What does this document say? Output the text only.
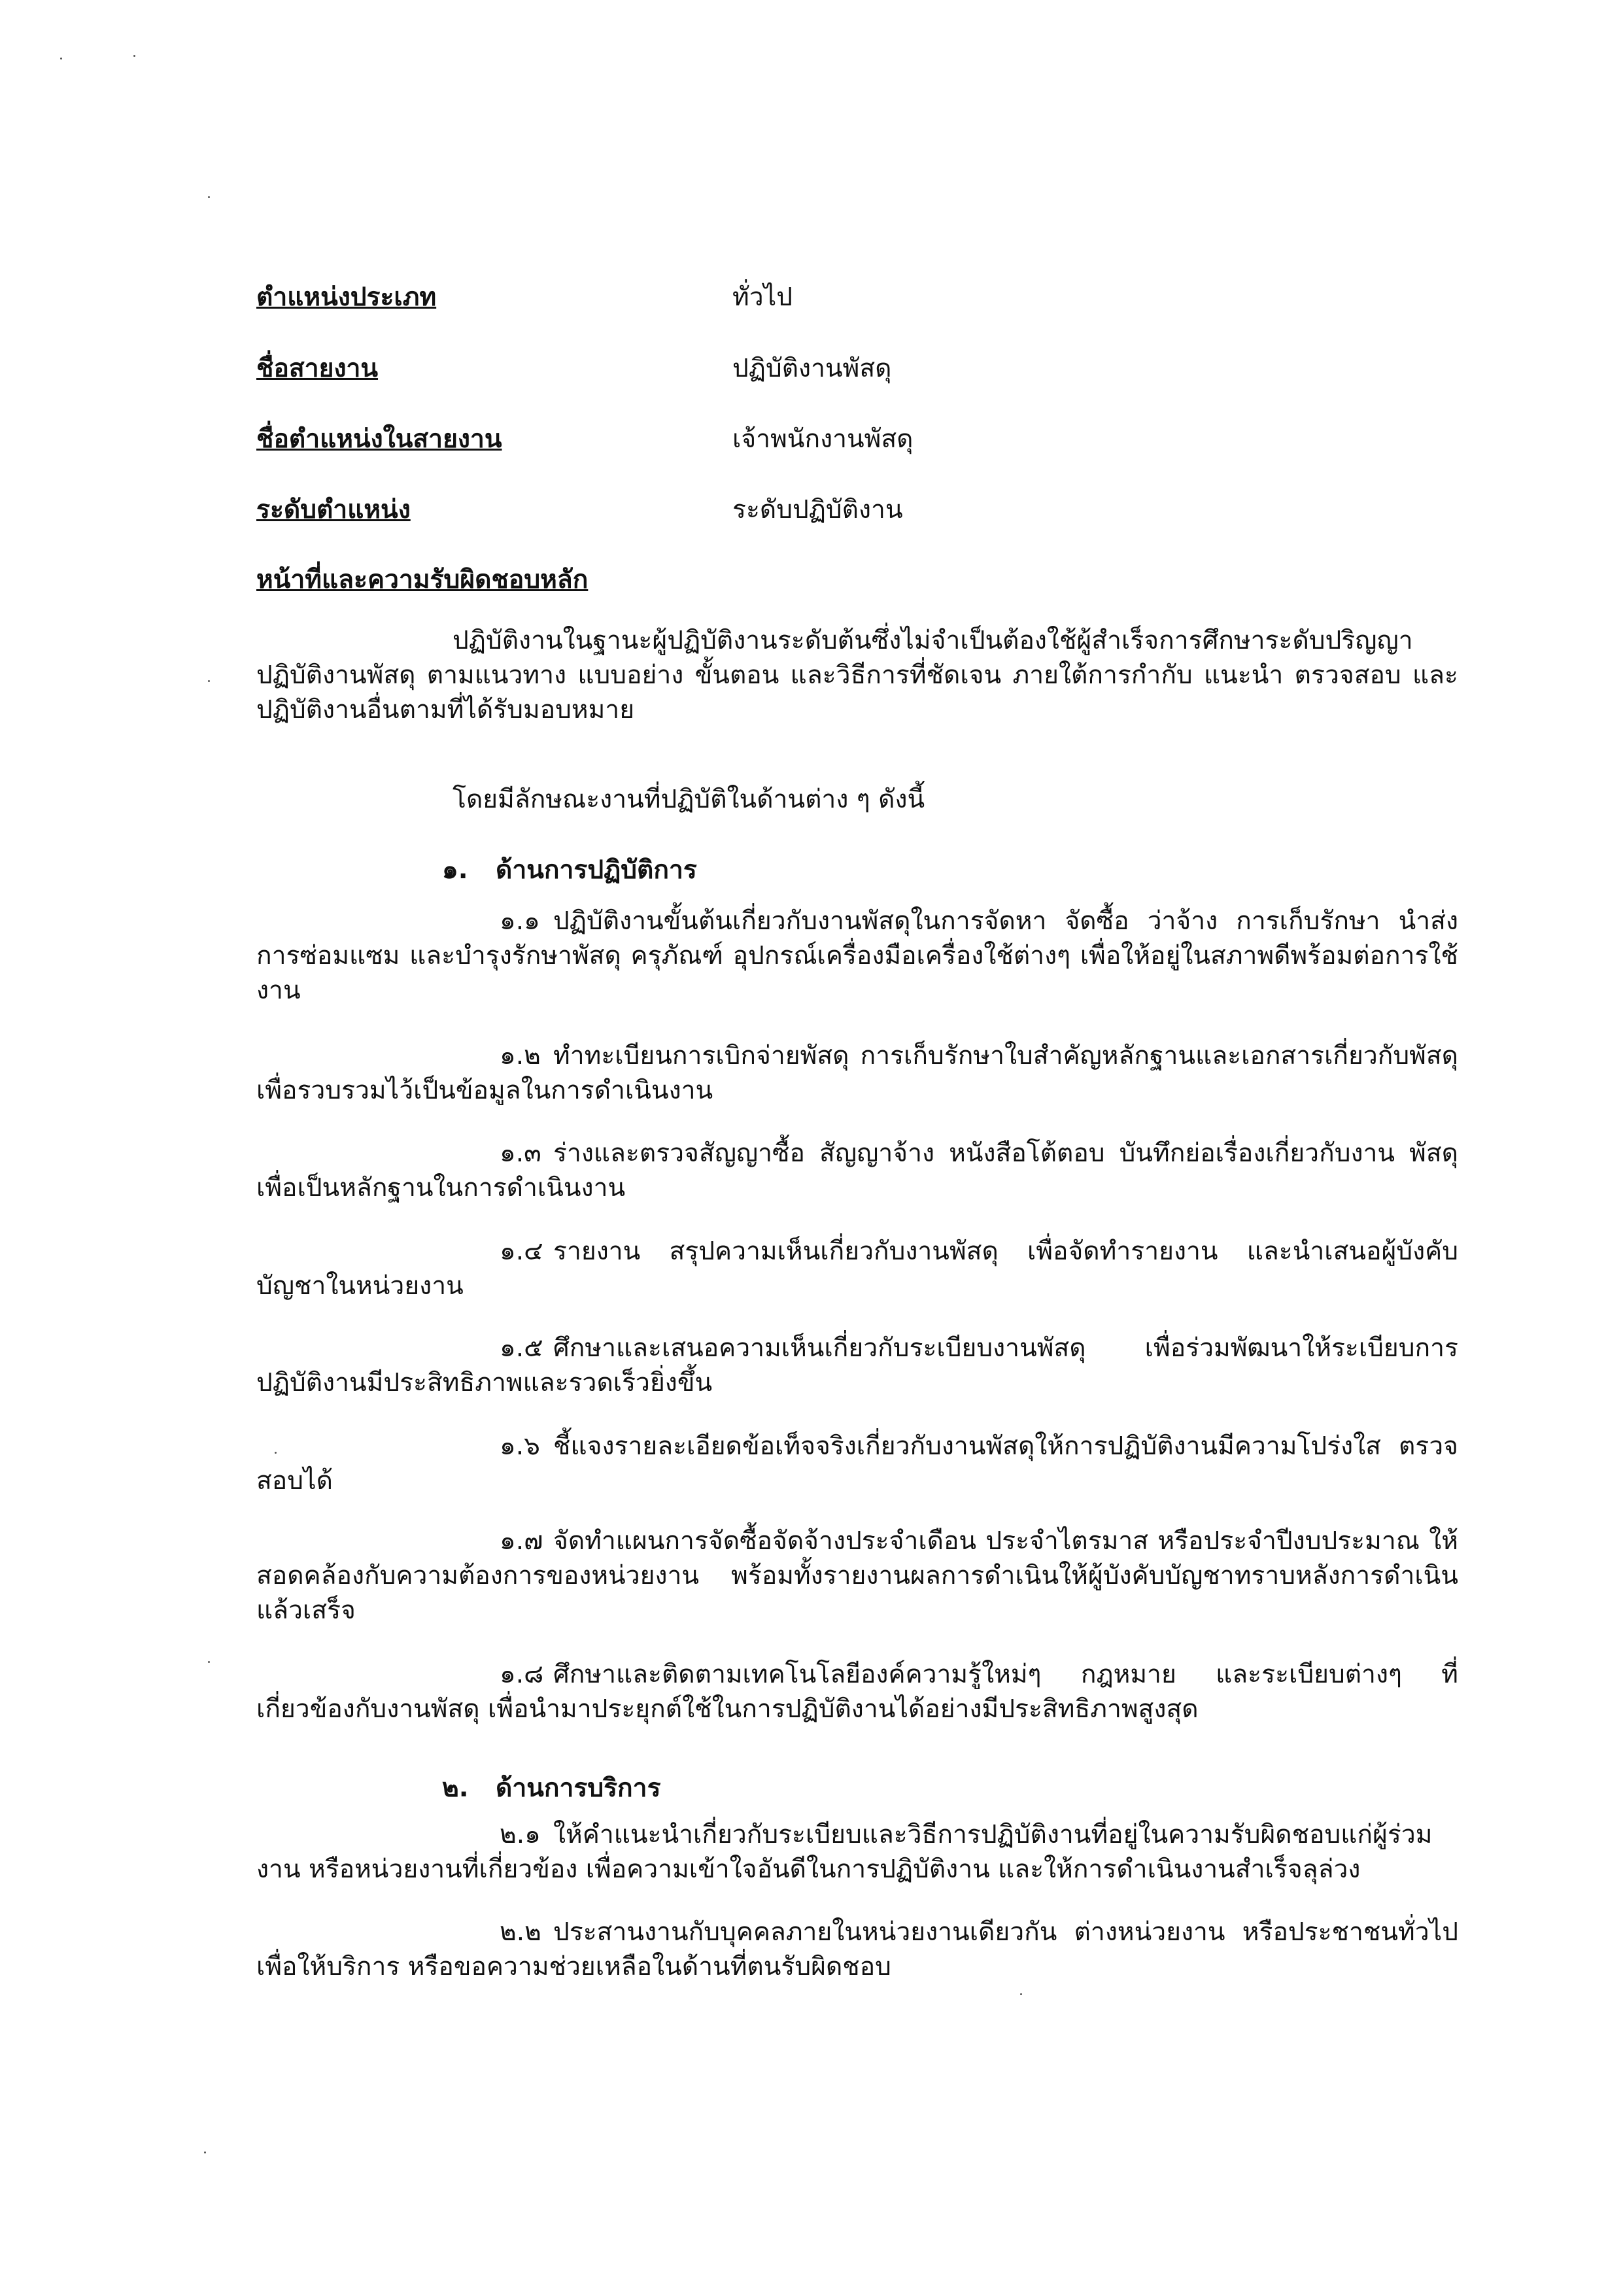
ตำแหน่งประเภท	ทั่วไป
ชื่อสายงาน	ปฏิบัติงานพัสดุ
ชื่อตำแหน่งในสายงาน	เจ้าพนักงานพัสดุ
ระดับตำแหน่ง	ระดับปฏิบัติงาน
หน้าที่และความรับผิดชอบหลัก

ปฏิบัติงานในฐานะผู้ปฏิบัติงานระดับต้นซึ่งไม่จำเป็นต้องใช้ผู้สำเร็จการศึกษาระดับปริญญา ปฏิบัติงานพัสดุ ตามแนวทาง แบบอย่าง ขั้นตอน และวิธีการที่ชัดเจน ภายใต้การกำกับ แนะนำ ตรวจสอบ และปฏิบัติงานอื่นตามที่ได้รับมอบหมาย

โดยมีลักษณะงานที่ปฏิบัติในด้านต่าง ๆ ดังนี้

๑. ด้านการปฏิบัติการ

๑.๑ ปฏิบัติงานขั้นต้นเกี่ยวกับงานพัสดุในการจัดหา จัดซื้อ ว่าจ้าง การเก็บรักษา นำส่ง การซ่อมแซม และบำรุงรักษาพัสดุ ครุภัณฑ์ อุปกรณ์เครื่องมือเครื่องใช้ต่างๆ เพื่อให้อยู่ในสภาพดีพร้อมต่อการใช้งาน

๑.๒ ทำทะเบียนการเบิกจ่ายพัสดุ การเก็บรักษาใบสำคัญหลักฐานและเอกสารเกี่ยวกับพัสดุ เพื่อรวบรวมไว้เป็นข้อมูลในการดำเนินงาน

๑.๓ ร่างและตรวจสัญญาซื้อ สัญญาจ้าง หนังสือโต้ตอบ บันทึกย่อเรื่องเกี่ยวกับงาน พัสดุ เพื่อเป็นหลักฐานในการดำเนินงาน

๑.๔ รายงาน สรุปความเห็นเกี่ยวกับงานพัสดุ เพื่อจัดทำรายงาน และนำเสนอผู้บังคับบัญชาในหน่วยงาน

๑.๕ ศึกษาและเสนอความเห็นเกี่ยวกับระเบียบงานพัสดุ เพื่อร่วมพัฒนาให้ระเบียบการ ปฏิบัติงานมีประสิทธิภาพและรวดเร็วยิ่งขึ้น

๑.๖ ชี้แจงรายละเอียดข้อเท็จจริงเกี่ยวกับงานพัสดุให้การปฏิบัติงานมีความโปร่งใส ตรวจสอบได้

๑.๗ จัดทำแผนการจัดซื้อจัดจ้างประจำเดือน ประจำไตรมาส หรือประจำปีงบประมาณ ให้สอดคล้องกับความต้องการของหน่วยงาน พร้อมทั้งรายงานผลการดำเนินให้ผู้บังคับบัญชาทราบหลังการดำเนินแล้วเสร็จ

๑.๘ ศึกษาและติดตามเทคโนโลยีองค์ความรู้ใหม่ๆ กฎหมาย และระเบียบต่างๆ ที่เกี่ยวข้องกับงานพัสดุ เพื่อนำมาประยุกต์ใช้ในการปฏิบัติงานได้อย่างมีประสิทธิภาพสูงสุด

๒. ด้านการบริการ

๒.๑ ให้คำแนะนำเกี่ยวกับระเบียบและวิธีการปฏิบัติงานที่อยู่ในความรับผิดชอบแก่ผู้ร่วมงาน หรือหน่วยงานที่เกี่ยวข้อง เพื่อความเข้าใจอันดีในการปฏิบัติงาน และให้การดำเนินงานสำเร็จลุล่วง

๒.๒ ประสานงานกับบุคคลภายในหน่วยงานเดียวกัน ต่างหน่วยงาน หรือประชาชนทั่วไป เพื่อให้บริการ หรือขอความช่วยเหลือในด้านที่ตนรับผิดชอบ
